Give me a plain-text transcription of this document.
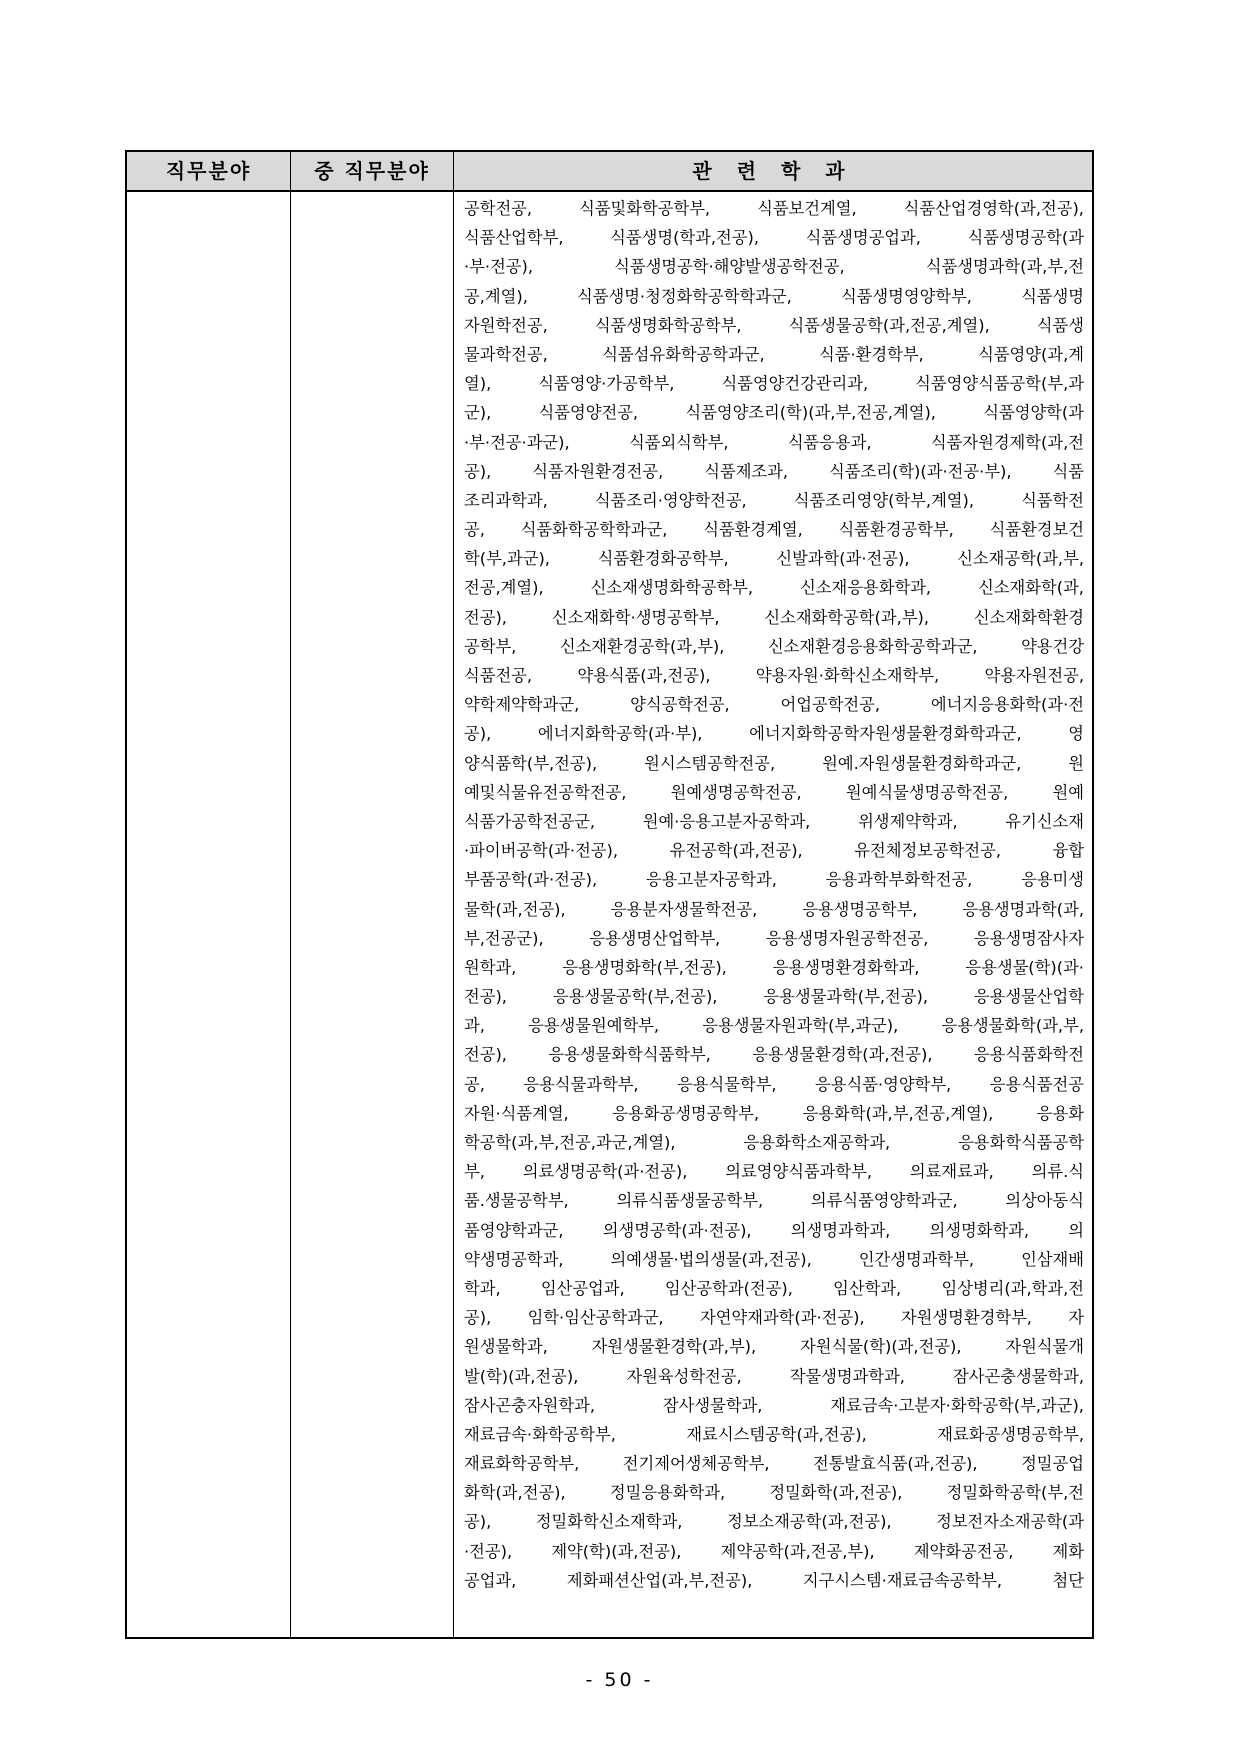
직무분야	중 직무분야	관 련 학 과
공학전공, 식품및화학공학부, 식품보건계열, 식품산업경영학(과,전공),
식품산업학부, 식품생명(학과,전공), 식품생명공업과, 식품생명공학(과
·부·전공), 식품생명공학·해양발생공학전공, 식품생명과학(과,부,전
공,계열), 식품생명·청정화학공학학과군, 식품생명영양학부, 식품생명
자원학전공, 식품생명화학공학부, 식품생물공학(과,전공,계열), 식품생
물과학전공, 식품섬유화학공학과군, 식품·환경학부, 식품영양(과,계
열), 식품영양·가공학부, 식품영양건강관리과, 식품영양식품공학(부,과
군), 식품영양전공, 식품영양조리(학)(과,부,전공,계열), 식품영양학(과
·부·전공·과군), 식품외식학부, 식품응용과, 식품자원경제학(과,전
공), 식품자원환경전공, 식품제조과, 식품조리(학)(과·전공·부), 식품
조리과학과, 식품조리·영양학전공, 식품조리영양(학부,계열), 식품학전
공, 식품화학공학학과군, 식품환경계열, 식품환경공학부, 식품환경보건
학(부,과군), 식품환경화공학부, 신발과학(과·전공), 신소재공학(과,부,
전공,계열), 신소재생명화학공학부, 신소재응용화학과, 신소재화학(과,
전공), 신소재화학·생명공학부, 신소재화학공학(과,부), 신소재화학환경
공학부, 신소재환경공학(과,부), 신소재환경응용화학공학과군, 약용건강
식품전공, 약용식품(과,전공), 약용자원·화학신소재학부, 약용자원전공,
약학제약학과군, 양식공학전공, 어업공학전공, 에너지응용화학(과·전
공), 에너지화학공학(과·부), 에너지화학공학자원생물환경화학과군, 영
양식품학(부,전공), 원시스템공학전공, 원예.자원생물환경화학과군, 원
예및식물유전공학전공, 원예생명공학전공, 원예식물생명공학전공, 원예
식품가공학전공군, 원예·응용고분자공학과, 위생제약학과, 유기신소재
·파이버공학(과·전공), 유전공학(과,전공), 유전체정보공학전공, 융합
부품공학(과·전공), 응용고분자공학과, 응용과학부화학전공, 응용미생
물학(과,전공), 응용분자생물학전공, 응용생명공학부, 응용생명과학(과,
부,전공군), 응용생명산업학부, 응용생명자원공학전공, 응용생명잠사자
원학과, 응용생명화학(부,전공), 응용생명환경화학과, 응용생물(학)(과·
전공), 응용생물공학(부,전공), 응용생물과학(부,전공), 응용생물산업학
과, 응용생물원예학부, 응용생물자원과학(부,과군), 응용생물화학(과,부,
전공), 응용생물화학식품학부, 응용생물환경학(과,전공), 응용식품화학전
공, 응용식물과학부, 응용식물학부, 응용식품·영양학부, 응용식품전공
자원·식품계열, 응용화공생명공학부, 응용화학(과,부,전공,계열), 응용화
학공학(과,부,전공,과군,계열), 응용화학소재공학과, 응용화학식품공학
부, 의료생명공학(과·전공), 의료영양식품과학부, 의료재료과, 의류.식
품.생물공학부, 의류식품생물공학부, 의류식품영양학과군, 의상아동식
품영양학과군, 의생명공학(과·전공), 의생명과학과, 의생명화학과, 의
약생명공학과, 의예생물·법의생물(과,전공), 인간생명과학부, 인삼재배
학과, 임산공업과, 임산공학과(전공), 임산학과, 임상병리(과,학과,전
공), 임학·임산공학과군, 자연약재과학(과·전공), 자원생명환경학부, 자
원생물학과, 자원생물환경학(과,부), 자원식물(학)(과,전공), 자원식물개
발(학)(과,전공), 자원육성학전공, 작물생명과학과, 잠사곤충생물학과,
잠사곤충자원학과, 잠사생물학과, 재료금속·고분자·화학공학(부,과군),
재료금속·화학공학부, 재료시스템공학(과,전공), 재료화공생명공학부,
재료화학공학부, 전기제어생체공학부, 전통발효식품(과,전공), 정밀공업
화학(과,전공), 정밀응용화학과, 정밀화학(과,전공), 정밀화학공학(부,전
공), 정밀화학신소재학과, 정보소재공학(과,전공), 정보전자소재공학(과
·전공), 제약(학)(과,전공), 제약공학(과,전공,부), 제약화공전공, 제화
공업과, 제화패션산업(과,부,전공), 지구시스템·재료금속공학부, 첨단
- 50 -
